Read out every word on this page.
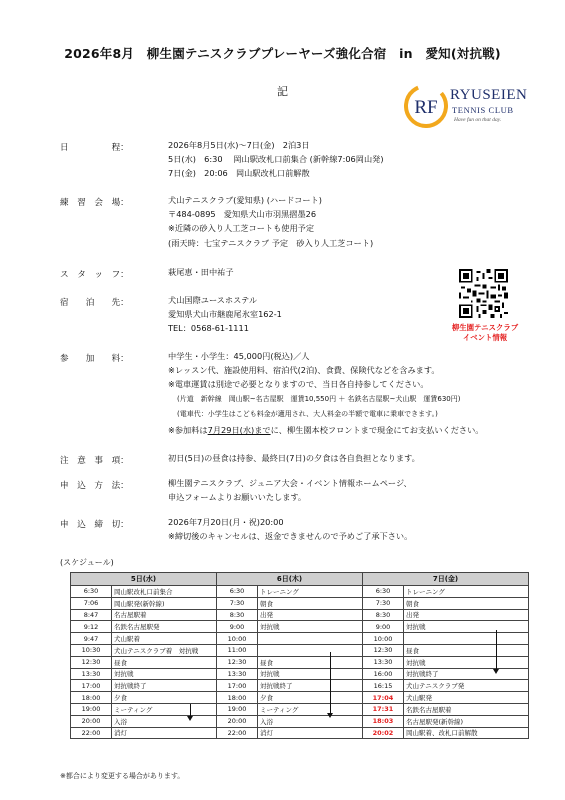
2026年8月　柳生園テニスクラブプレーヤーズ強化合宿　in　愛知(対抗戦)
記
RF
RYUSEIEN
TENNIS CLUB
Have fun on that day.
日　　　　　程：	2026年8月5日(水)～7日(金)　2泊3日
5日(水)　6:30　 岡山駅改札口前集合 (新幹線7:06岡山発)
7日(金)　20:06　岡山駅改札口前解散
練　習　会　場：	犬山テニスクラブ(愛知県) (ハードコート)
〒484-0895　愛知県犬山市羽黒摺墨26
※近隣の砂入り人工芝コートも使用予定
(雨天時：七宝テニスクラブ 予定　砂入り人工芝コート)
ス　タ　ッ　フ：	萩尾恵・田中祐子
宿　　泊　　先：	犬山国際ユースホステル
愛知県犬山市継鹿尾氷室162-1
TEL：0568-61-1111
参　　加　　料：	中学生・小学生：45,000円(税込)／人
※レッスン代、施設使用料、宿泊代(2泊)、食費、保険代などを含みます。
※電車運賃は別途で必要となりますので、当日各自持参してください。
(片道　新幹線　岡山駅~名古屋駅　運賃10,550円 ＋ 名鉄名古屋駅~犬山駅　運賃630円)
(電車代：小学生はこども料金が適用され、大人料金の半額で電車に乗車できます。)
※参加料は7月29日(水)までに、柳生園本校フロントまで現金にてお支払いください。
注　意　事　項：	初日(5日)の昼食は持参、最終日(7日)の夕食は各自負担となります。
申　込　方　法：	柳生園テニスクラブ、ジュニア大会・イベント情報ホームページ、
申込フォームよりお願いいたします。
申　込　締　切：	2026年7月20日(月・祝)20:00
※締切後のキャンセルは、返金できませんので予めご了承下さい。
柳生園テニスクラブ
イベント情報
(スケジュール)
5日(水)		6日(木)		7日(金)	
6:30	岡山駅改札口前集合	6:30	トレーニング	6:30	トレーニング
7:06	岡山駅発(新幹線)	7:30	朝食	7:30	朝食
8:47	名古屋駅着	8:30	出発	8:30	出発
9:12	名鉄名古屋駅発	9:00	対抗戦	9:00	対抗戦
9:47	犬山駅着	10:00		10:00	
10:30	犬山テニスクラブ着　対抗戦	11:00		12:30	昼食
12:30	昼食	12:30	昼食	13:30	対抗戦
13:30	対抗戦	13:30	対抗戦	16:00	対抗戦終了
17:00	対抗戦終了	17:00	対抗戦終了	16:15	犬山テニスクラブ発
18:00	夕食	18:00	夕食	17:04	犬山駅発
19:00	ミーティング	19:00	ミーティング	17:31	名鉄名古屋駅着
20:00	入浴	20:00	入浴	18:03	名古屋駅発(新幹線)
22:00	消灯	22:00	消灯	20:02	岡山駅着、改札口前解散
※都合により変更する場合があります。
